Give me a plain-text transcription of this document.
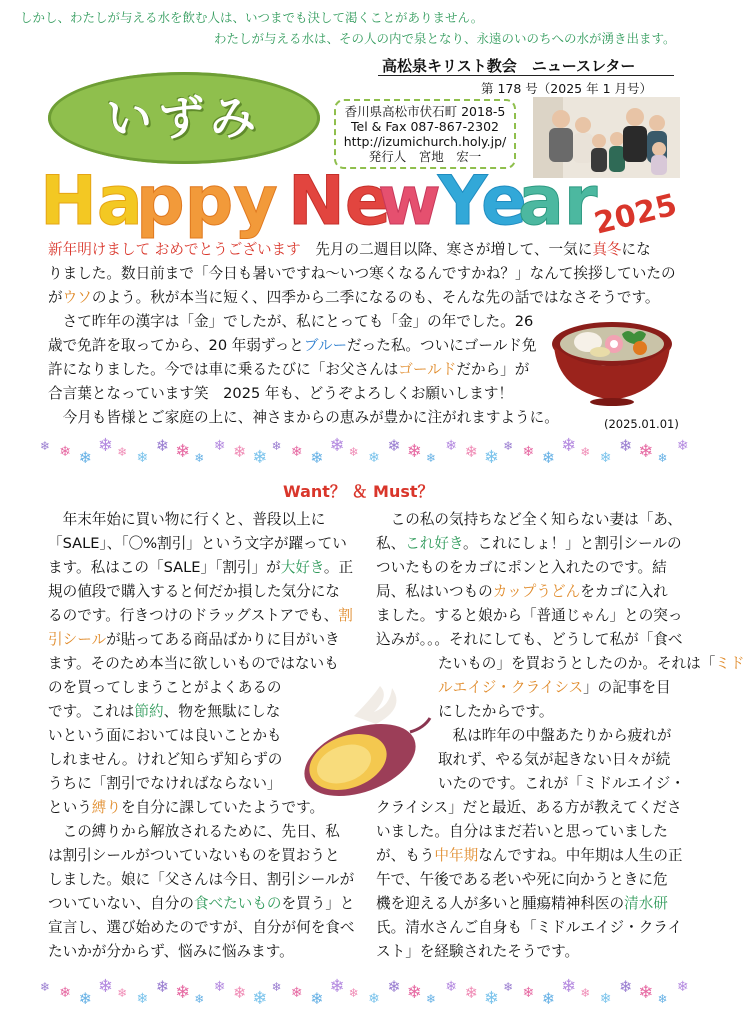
しかし、わたしが与える水を飲む人は、いつまでも決して渇くことがありません。
わたしが与える水は、その人の内で泉となり、永遠のいのちへの水が湧き出ます。
高松泉キリスト教会　ニュースレター
第 178 号（2025 年 1 月号）
いずみ	香川県高松市伏石町 2018-5
Tel & Fax 087-867-2302
http://izumichurch.holy.jp/
発行人　宮地　宏一
Ha
ppy Ne
w
Ye
ar
2025
新年明けまして おめでとうございます　先月の二週目以降、寒さが増して、一気に真冬にな
りました。数日前まで「今日も暑いですね～いつ寒くなるんですかね？」なんて挨拶していたの
がウソのよう。秋が本当に短く、四季から二季になるのも、そんな先の話ではなさそうです。
　さて昨年の漢字は「金」でしたが、私にとっても「金」の年でした。26
歳で免許を取ってから、20 年弱ずっとブルーだった私。ついにゴールド免
許になりました。今では車に乗るたびに「お父さんはゴールドだから」が
合言葉となっています笑　2025 年も、どうぞよろしくお願いします！
　今月も皆様とご家庭の上に、神さまからの恵みが豊かに注がれますように。	(2025.01.01)
❄ ❄ ❄
❄ ❄ ❄
❄ ❄ ❄
❄ ❄ ❄
❄ ❄ ❄
❄ ❄ ❄
❄ ❄ ❄
❄ ❄ ❄
❄ ❄ ❄
❄ ❄ ❄
❄ ❄ ❄
❄
Want？ ＆ Must？
　年末年始に買い物に行くと、普段以上に
「SALE」、「〇%割引」という文字が躍ってい
ます。私はこの「SALE」「割引」が大好き。正
規の値段で購入すると何だか損した気分にな
るのです。行きつけのドラッグストアでも、割
引シールが貼ってある商品ばかりに目がいき
ます。そのため本当に欲しいものではないも
のを買ってしまうことがよくあるの
です。これは節約、物を無駄にしな
いという面においては良いことかも
しれません。けれど知らず知らずの
うちに「割引でなければならない」
という縛りを自分に課していたようです。
　この縛りから解放されるために、先日、私
は割引シールがついていないものを買おうと
しました。娘に「父さんは今日、割引シールが
ついていない、自分の食べたいものを買う」と
宣言し、選び始めたのですが、自分が何を食べ
たいかが分からず、悩みに悩みます。
　この私の気持ちなど全く知らない妻は「あ、
私、これ好き。これにしょ！」と割引シールの
ついたものをカゴにポンと入れたのです。結
局、私はいつものカップうどんをカゴに入れ
ました。すると娘から「普通じゃん」との突っ
込みが。。。それにしても、どうして私が「食べ
たいもの」を買おうとしたのか。それは「ミド
ルエイジ・クライシス」の記事を目
にしたからです。
　私は昨年の中盤あたりから疲れが
取れず、やる気が起きない日々が続
いたのです。これが「ミドルエイジ・
クライシス」だと最近、ある方が教えてくださ
いました。自分はまだ若いと思っていました
が、もう中年期なんですね。中年期は人生の正
午で、午後である老いや死に向かうときに危
機を迎える人が多いと腫瘍精神科医の清水研
氏。清水さんご自身も「ミドルエイジ・クライ
スト」を経験されたそうです。
❄ ❄ ❄
❄ ❄ ❄
❄ ❄ ❄
❄ ❄ ❄
❄ ❄ ❄
❄ ❄ ❄
❄ ❄ ❄
❄ ❄ ❄
❄ ❄ ❄
❄ ❄ ❄
❄ ❄ ❄
❄
